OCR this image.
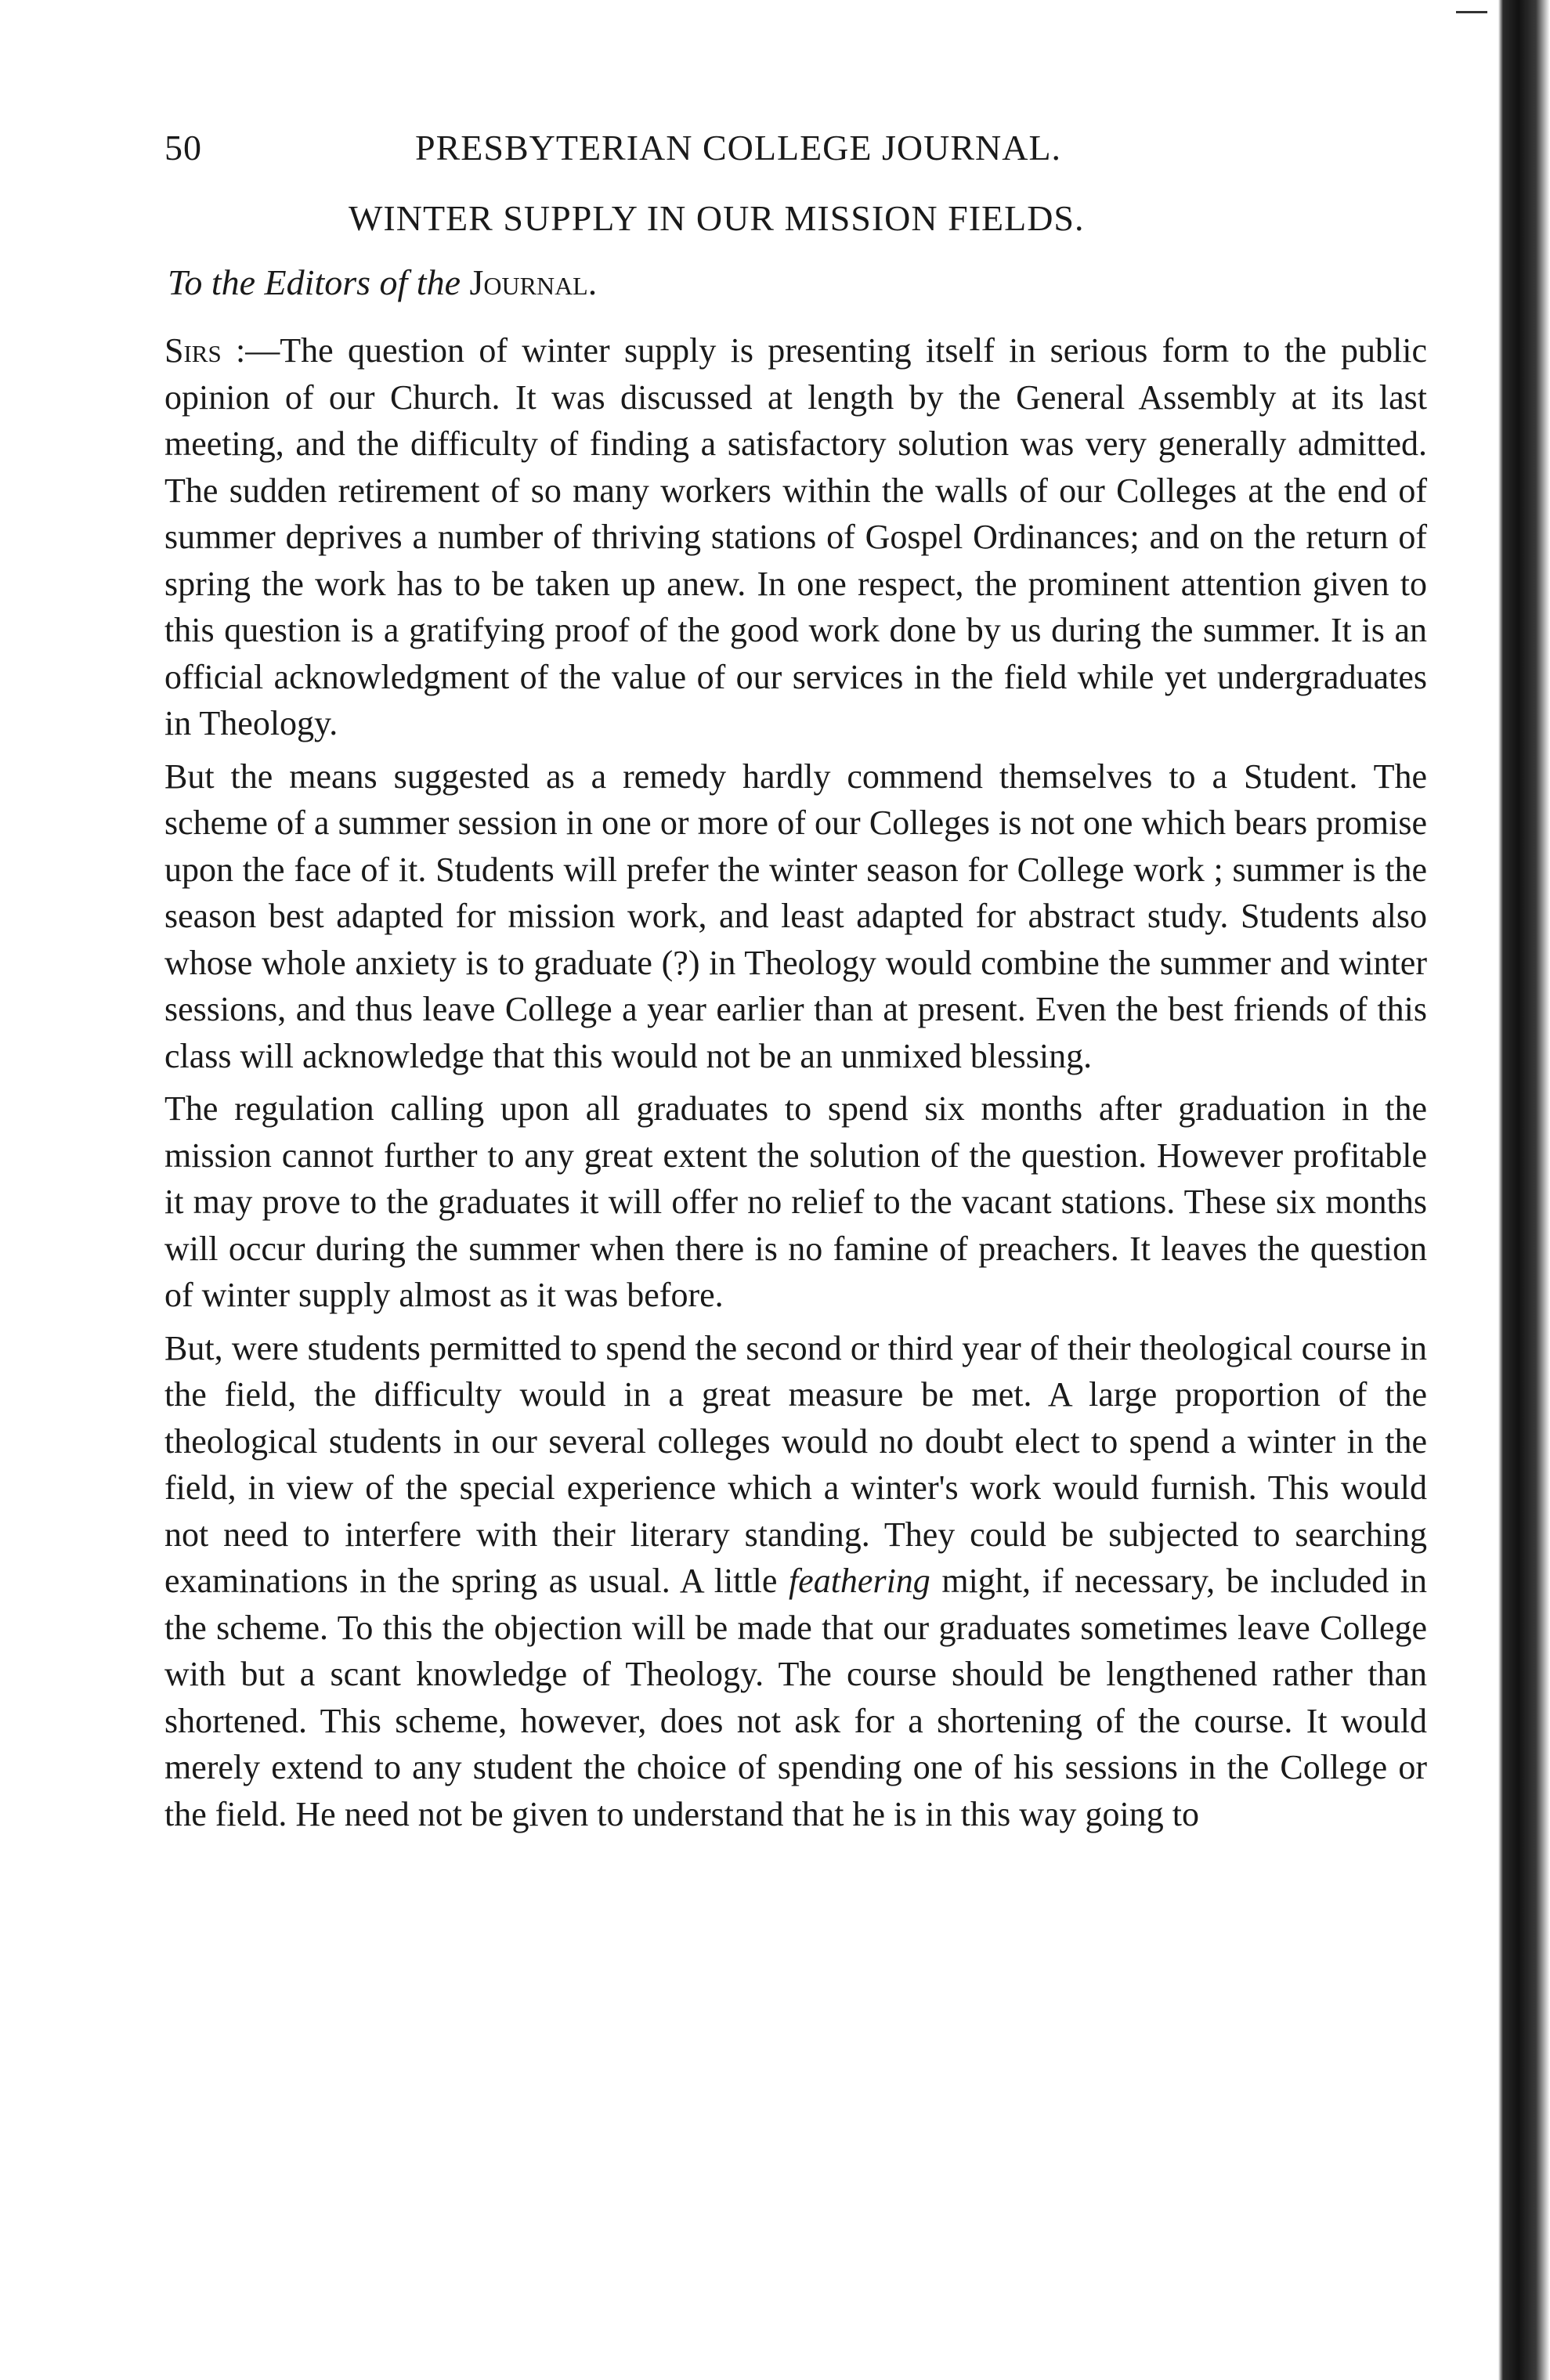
50	PRESBYTERIAN COLLEGE JOURNAL.
WINTER SUPPLY IN OUR MISSION FIELDS.
To the Editors of the Journal.

Sirs :—The question of winter supply is presenting itself in serious form to the public opinion of our Church. It was discussed at length by the General Assembly at its last meeting, and the difficulty of finding a satisfactory solution was very generally admitted. The sudden retirement of so many workers within the walls of our Colleges at the end of summer deprives a number of thriving stations of Gospel Ordinances; and on the return of spring the work has to be taken up anew. In one respect, the prominent attention given to this question is a gratifying proof of the good work done by us during the summer. It is an official acknowledgment of the value of our services in the field while yet undergraduates in Theology.

But the means suggested as a remedy hardly commend themselves to a Student. The scheme of a summer session in one or more of our Colleges is not one which bears promise upon the face of it. Students will prefer the winter season for College work ; summer is the season best adapted for mission work, and least adapted for abstract study. Students also whose whole anxiety is to graduate (?) in Theology would combine the summer and winter sessions, and thus leave College a year earlier than at present. Even the best friends of this class will acknowledge that this would not be an unmixed blessing.

The regulation calling upon all graduates to spend six months after graduation in the mission cannot further to any great extent the solution of the question. However profitable it may prove to the graduates it will offer no relief to the vacant stations. These six months will occur during the summer when there is no famine of preachers. It leaves the question of winter supply almost as it was before.

But, were students permitted to spend the second or third year of their theological course in the field, the difficulty would in a great measure be met. A large proportion of the theological students in our several colleges would no doubt elect to spend a winter in the field, in view of the special experience which a winter's work would furnish. This would not need to interfere with their literary standing. They could be subjected to searching examinations in the spring as usual. A little feathering might, if necessary, be included in the scheme. To this the objection will be made that our graduates sometimes leave College with but a scant knowledge of Theology. The course should be lengthened rather than shortened. This scheme, however, does not ask for a shortening of the course. It would merely extend to any student the choice of spending one of his sessions in the College or the field. He need not be given to understand that he is in this way going to
